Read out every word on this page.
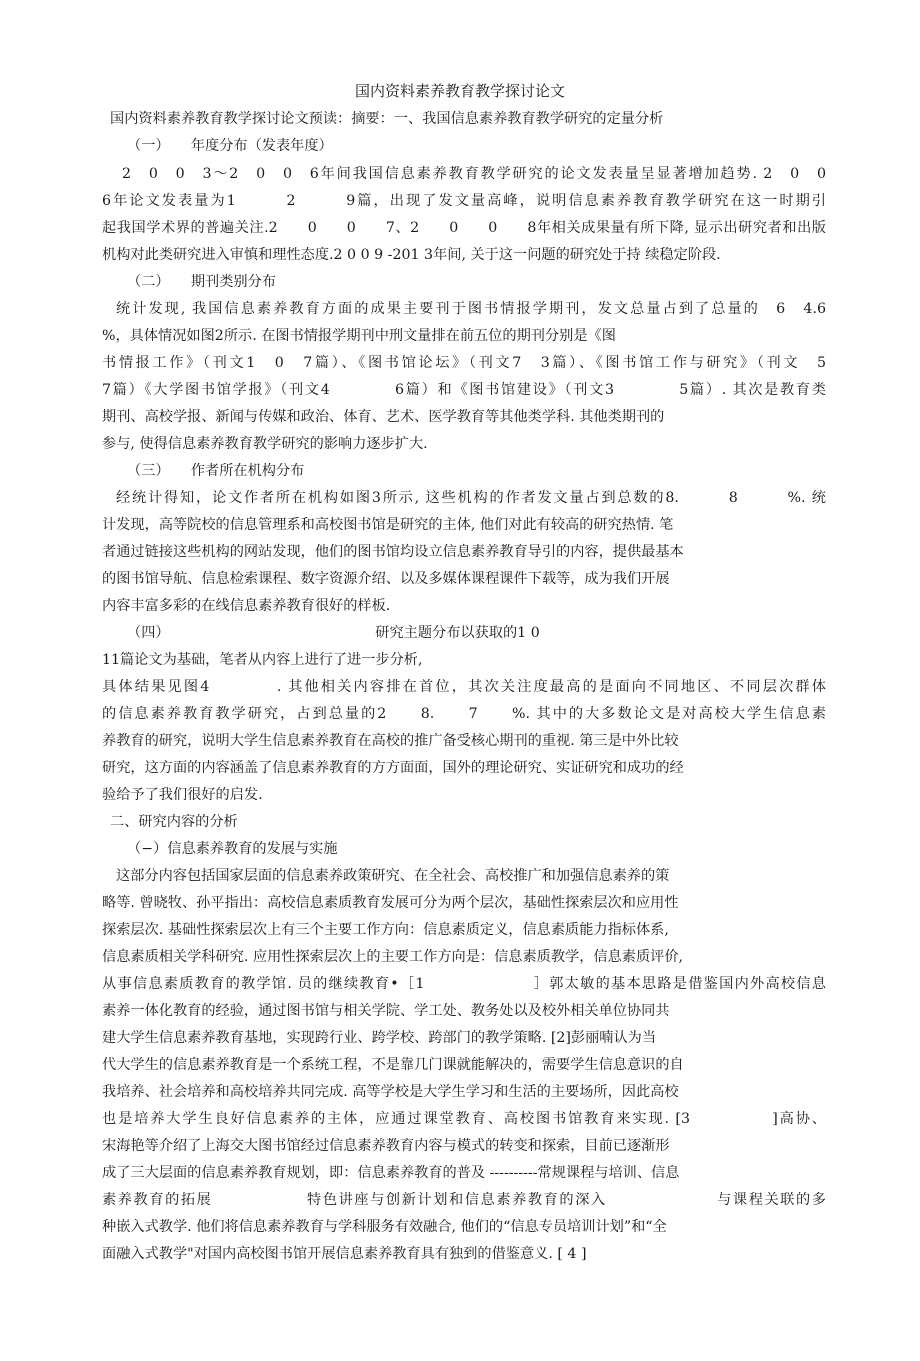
国内资料素养教育教学探讨论文
国内资料素养教育教学探讨论文预读：摘要：一、我国信息素养教育教学研究的定量分析
（一）　　年度分布（发表年度）
2　0　0　3〜2　0　0　6年间我国信息素养教育教学研究的论文发表量呈显著增加趋势. 2　0　0
6年论文发表量为1　　　2　　　9篇，出现了发文量高峰，说明信息素养教育教学研究在这一时期引
起我国学术界的普遍关注.2　　0　　0　　7、2　　0　　0　　8年相关成果量有所下降, 显示出研究者和出版
机构对此类研究进入审慎和理性态度.2 0 0 9 -201 3年间, 关于这一问题的研究处于持 续稳定阶段.
（二）　　期刊类别分布
统计发现, 我国信息素养教育方面的成果主要刊于图书情报学期刊，发文总量占到了总量的　6　4.6
%，具体情况如图2所示. 在图书情报学期刊中刑文量排在前五位的期刊分别是《图
书情报工作》（刊文1　0　7篇）、《图书馆论坛》（刊文7　3篇）、《图书馆工作与研究》（刊文　5
7篇）《大学图书馆学报》（刊文4　　　　6篇）和《图书馆建设》（刊文3　　　　5篇）. 其次是教育类
期刊、高校学报、新闻与传媒和政治、体育、艺术、医学教育等其他类学科. 其他类期刊的
参与, 使得信息素养教育教学研究的影响力逐步扩大.
（三）　　作者所在机构分布
经统计得知，论文作者所在机构如图3所示, 这些机构的作者发文量占到总数的8.　　　8　　　%. 统
计发现，高等院校的信息管理系和高校图书馆是研究的主体, 他们对此有较高的研究热情. 笔
者通过链接这些机构的网站发现，他们的图书馆均设立信息素养教育导引的内容，提供最基本
的图书馆导航、信息检索课程、数字资源介绍、以及多媒体课程课件下载等，成为我们开展
内容丰富多彩的在线信息素养教育很好的样板.
（四）　　　　　　　　　　　　　　　研究主题分布以获取的1 0
11篇论文为基础，笔者从内容上进行了进一步分析,
具体结果见图4　　　　. 其他相关内容排在首位，其次关注度最高的是面向不同地区、不同层次群体
的信息素养教育教学研究，占到总量的2　　8.　　7　　%. 其中的大多数论文是对高校大学生信息素
养教育的研究，说明大学生信息素养教育在高校的推广备受核心期刊的重视. 第三是中外比较
研究，这方面的内容涵盖了信息素养教育的方方面面，国外的理论研究、实证研究和成功的经
验给予了我们很好的启发.
二、研究内容的分析
（−）信息素养教育的发展与实施
这部分内容包括国家层面的信息素养政策研究、在全社会、高校推广和加强信息素养的策
略等. 曾晓牧、孙平指出：高校信息素质教育发展可分为两个层次，基础性探索层次和应用性
探索层次. 基础性探索层次上有三个主要工作方向：信息素质定义，信息素质能力指标体系,
信息素质相关学科研究. 应用性探索层次上的主要工作方向是：信息素质教学，信息素质评价,
从事信息素质教育的教学馆. 员的继续教育•［1　　　　　　　］郭太敏的基本思路是借鉴国内外高校信息
素养一体化教育的经验，通过图书馆与相关学院、学工处、教务处以及校外相关单位协同共
建大学生信息素养教育基地，实现跨行业、跨学校、跨部门的教学策略. [2]彭丽喃认为当
代大学生的信息素养教育是一个系统工程，不是靠几门课就能解决的，需要学生信息意识的自
我培养、社会培养和高校培养共同完成. 高等学校是大学生学习和生活的主要场所，因此高校
也是培养大学生良好信息素养的主体，应通过课堂教育、高校图书馆教育来实现. [3　　　　　]高协、
宋海艳等介绍了上海交大图书馆经过信息素养教育内容与模式的转变和探索，目前已逐渐形
成了三大层面的信息素养教育规划，即：信息素养教育的普及 ----------常规课程与培训、信息
素养教育的拓展　　　　　　特色讲座与创新计划和信息素养教育的深入　　　　　　　与课程关联的多
种嵌入式教学. 他们将信息素养教育与学科服务有效融合, 他们的“信息专员培训计划”和“全
面融入式教学"对国内高校图书馆开展信息素养教育具有独到的借鉴意义. [ 4 ]
